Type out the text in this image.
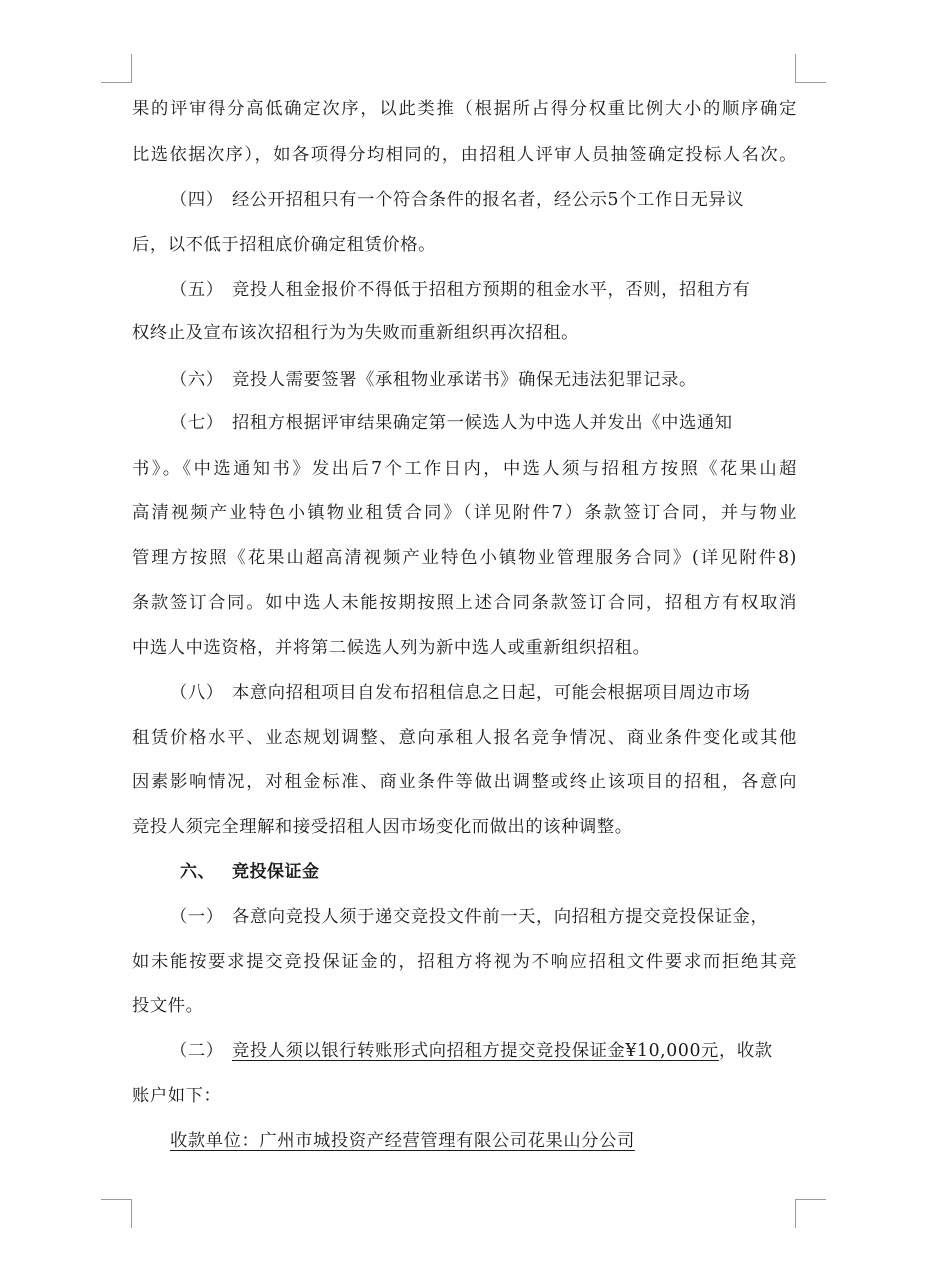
果的评审得分高低确定次序，以此类推（根据所占得分权重比例大小的顺序确定
比选依据次序），如各项得分均相同的，由招租人评审人员抽签确定投标人名次。
（四） 经公开招租只有一个符合条件的报名者，经公示5个工作日无异议
后，以不低于招租底价确定租赁价格。
（五） 竞投人租金报价不得低于招租方预期的租金水平，否则，招租方有
权终止及宣布该次招租行为为失败而重新组织再次招租。
（六） 竞投人需要签署《承租物业承诺书》确保无违法犯罪记录。
（七） 招租方根据评审结果确定第一候选人为中选人并发出《中选通知
书》。《中选通知书》发出后7个工作日内，中选人须与招租方按照《花果山超
高清视频产业特色小镇物业租赁合同》（详见附件7）条款签订合同，并与物业
管理方按照《花果山超高清视频产业特色小镇物业管理服务合同》(详见附件8)
条款签订合同。如中选人未能按期按照上述合同条款签订合同，招租方有权取消
中选人中选资格，并将第二候选人列为新中选人或重新组织招租。
（八） 本意向招租项目自发布招租信息之日起，可能会根据项目周边市场
租赁价格水平、业态规划调整、意向承租人报名竞争情况、商业条件变化或其他
因素影响情况，对租金标准、商业条件等做出调整或终止该项目的招租，各意向
竞投人须完全理解和接受招租人因市场变化而做出的该种调整。
六、 竞投保证金
（一） 各意向竞投人须于递交竞投文件前一天，向招租方提交竞投保证金，
如未能按要求提交竞投保证金的，招租方将视为不响应招租文件要求而拒绝其竞
投文件。
（二） 竞投人须以银行转账形式向招租方提交竞投保证金¥10,000元，收款
账户如下：
收款单位：广州市城投资产经营管理有限公司花果山分公司
